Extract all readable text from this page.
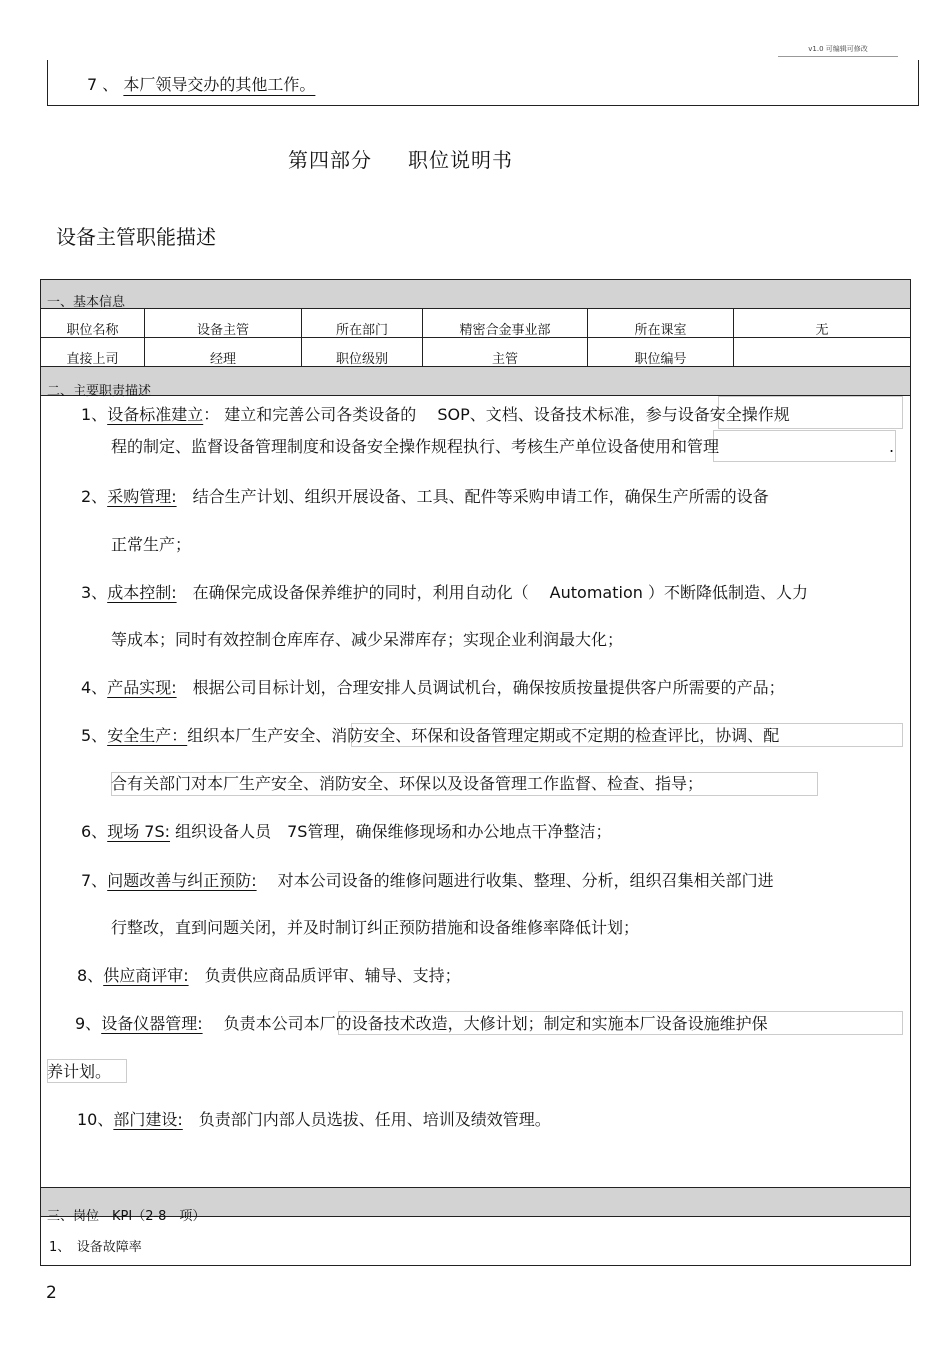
v1.0 可编辑可修改
7 、 本厂领导交办的其他工作。
第四部分 职位说明书
设备主管职能描述
一、基本信息
职位名称	设备主管	所在部门	精密合金事业部	所在课室	无
直接上司	经理	职位级别	主管	职位编号
二、主要职责描述
1、设备标准建立： 建立和完善公司各类设备的　 SOP、文档、设备技术标准，参与设备安全操作规
程的制定、监督设备管理制度和设备安全操作规程执行、考核生产单位设备使用和管理	.
2、采购管理:　结合生产计划、组织开展设备、工具、配件等采购申请工作，确保生产所需的设备
正常生产；
3、成本控制:　在确保完成设备保养维护的同时，利用自动化（　 Automation ）不断降低制造、人力
等成本；同时有效控制仓库库存、减少呆滞库存；实现企业利润最大化；
4、产品实现:　根据公司目标计划，合理安排人员调试机台，确保按质按量提供客户所需要的产品；
5、安全生产：组织本厂生产安全、消防安全、环保和设备管理定期或不定期的检查评比，协调、配
合有关部门对本厂生产安全、消防安全、环保以及设备管理工作监督、检查、指导；
6、现场 7S: 组织设备人员　7S管理，确保维修现场和办公地点干净整洁；
7、问题改善与纠正预防:　 对本公司设备的维修问题进行收集、整理、分析，组织召集相关部门进
行整改，直到问题关闭，并及时制订纠正预防措施和设备维修率降低计划；
8、供应商评审:　负责供应商品质评审、辅导、支持；
9、设备仪器管理:　 负责本公司本厂的设备技术改造，大修计划；制定和实施本厂设备设施维护保
养计划。
10、部门建设:　负责部门内部人员选拔、任用、培训及绩效管理。
三、岗位　KPI（2-8　项）
1、　设备故障率
2
